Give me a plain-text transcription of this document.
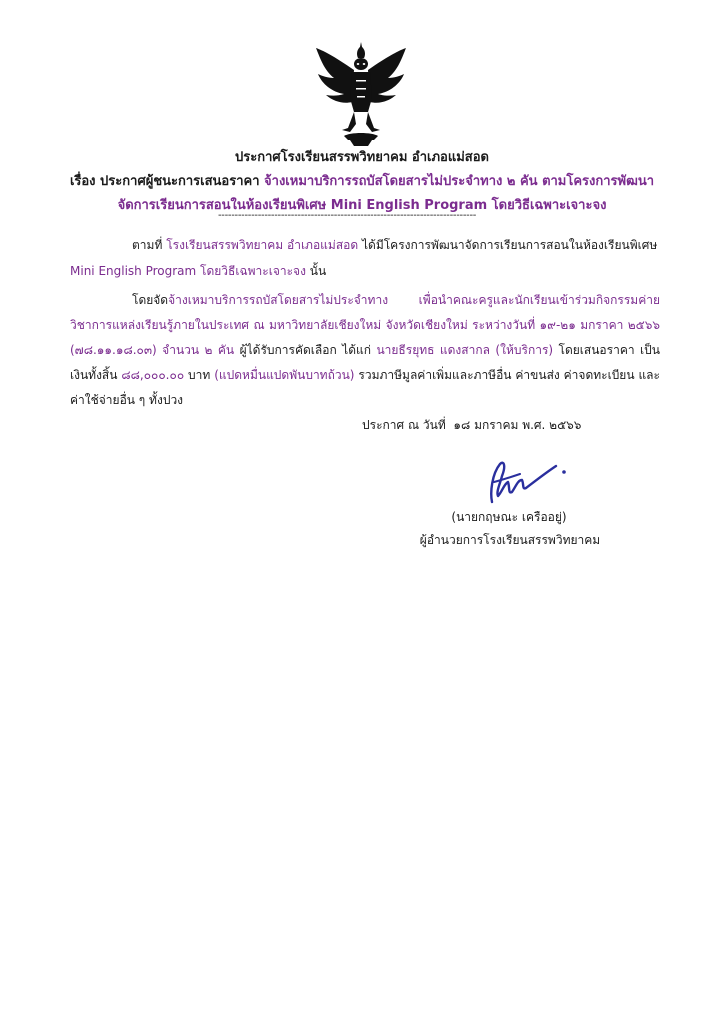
ประกาศโรงเรียนสรรพวิทยาคม อำเภอแม่สอด
เรื่อง ประกาศผู้ชนะการเสนอราคา จ้างเหมาบริการรถบัสโดยสารไม่ประจำทาง ๒ คัน ตามโครงการพัฒนาจัดการเรียนการสอนในห้องเรียนพิเศษ Mini English Program โดยวิธีเฉพาะเจาะจง
------------------------------------------------------------------------------
ตามที่ โรงเรียนสรรพวิทยาคม อำเภอแม่สอด ได้มีโครงการพัฒนาจัดการเรียนการสอนในห้องเรียนพิเศษ Mini English Program โดยวิธีเฉพาะเจาะจง นั้น
โดยจัดจ้างเหมาบริการรถบัสโดยสารไม่ประจำทาง เพื่อนำคณะครูและนักเรียนเข้าร่วมกิจกรรมค่ายวิชาการแหล่งเรียนรู้ภายในประเทศ ณ มหาวิทยาลัยเชียงใหม่ จังหวัดเชียงใหม่ ระหว่างวันที่ ๑๙-๒๑ มกราคา ๒๕๖๖ (๗๘.๑๑.๑๘.๐๓) จำนวน ๒ คัน ผู้ได้รับการคัดเลือก ได้แก่ นายธีรยุทธ แดงสากล (ให้บริการ) โดยเสนอราคา เป็นเงินทั้งสิ้น ๘๘,๐๐๐.๐๐ บาท (แปดหมื่นแปดพันบาทถ้วน) รวมภาษีมูลค่าเพิ่มและภาษีอื่น ค่าขนส่ง ค่าจดทะเบียน และค่าใช้จ่ายอื่น ๆ ทั้งปวง
ประกาศ ณ วันที่ ๑๘ มกราคม พ.ศ. ๒๕๖๖
(นายกฤษณะ เครืออยู่)
ผู้อำนวยการโรงเรียนสรรพวิทยาคม
